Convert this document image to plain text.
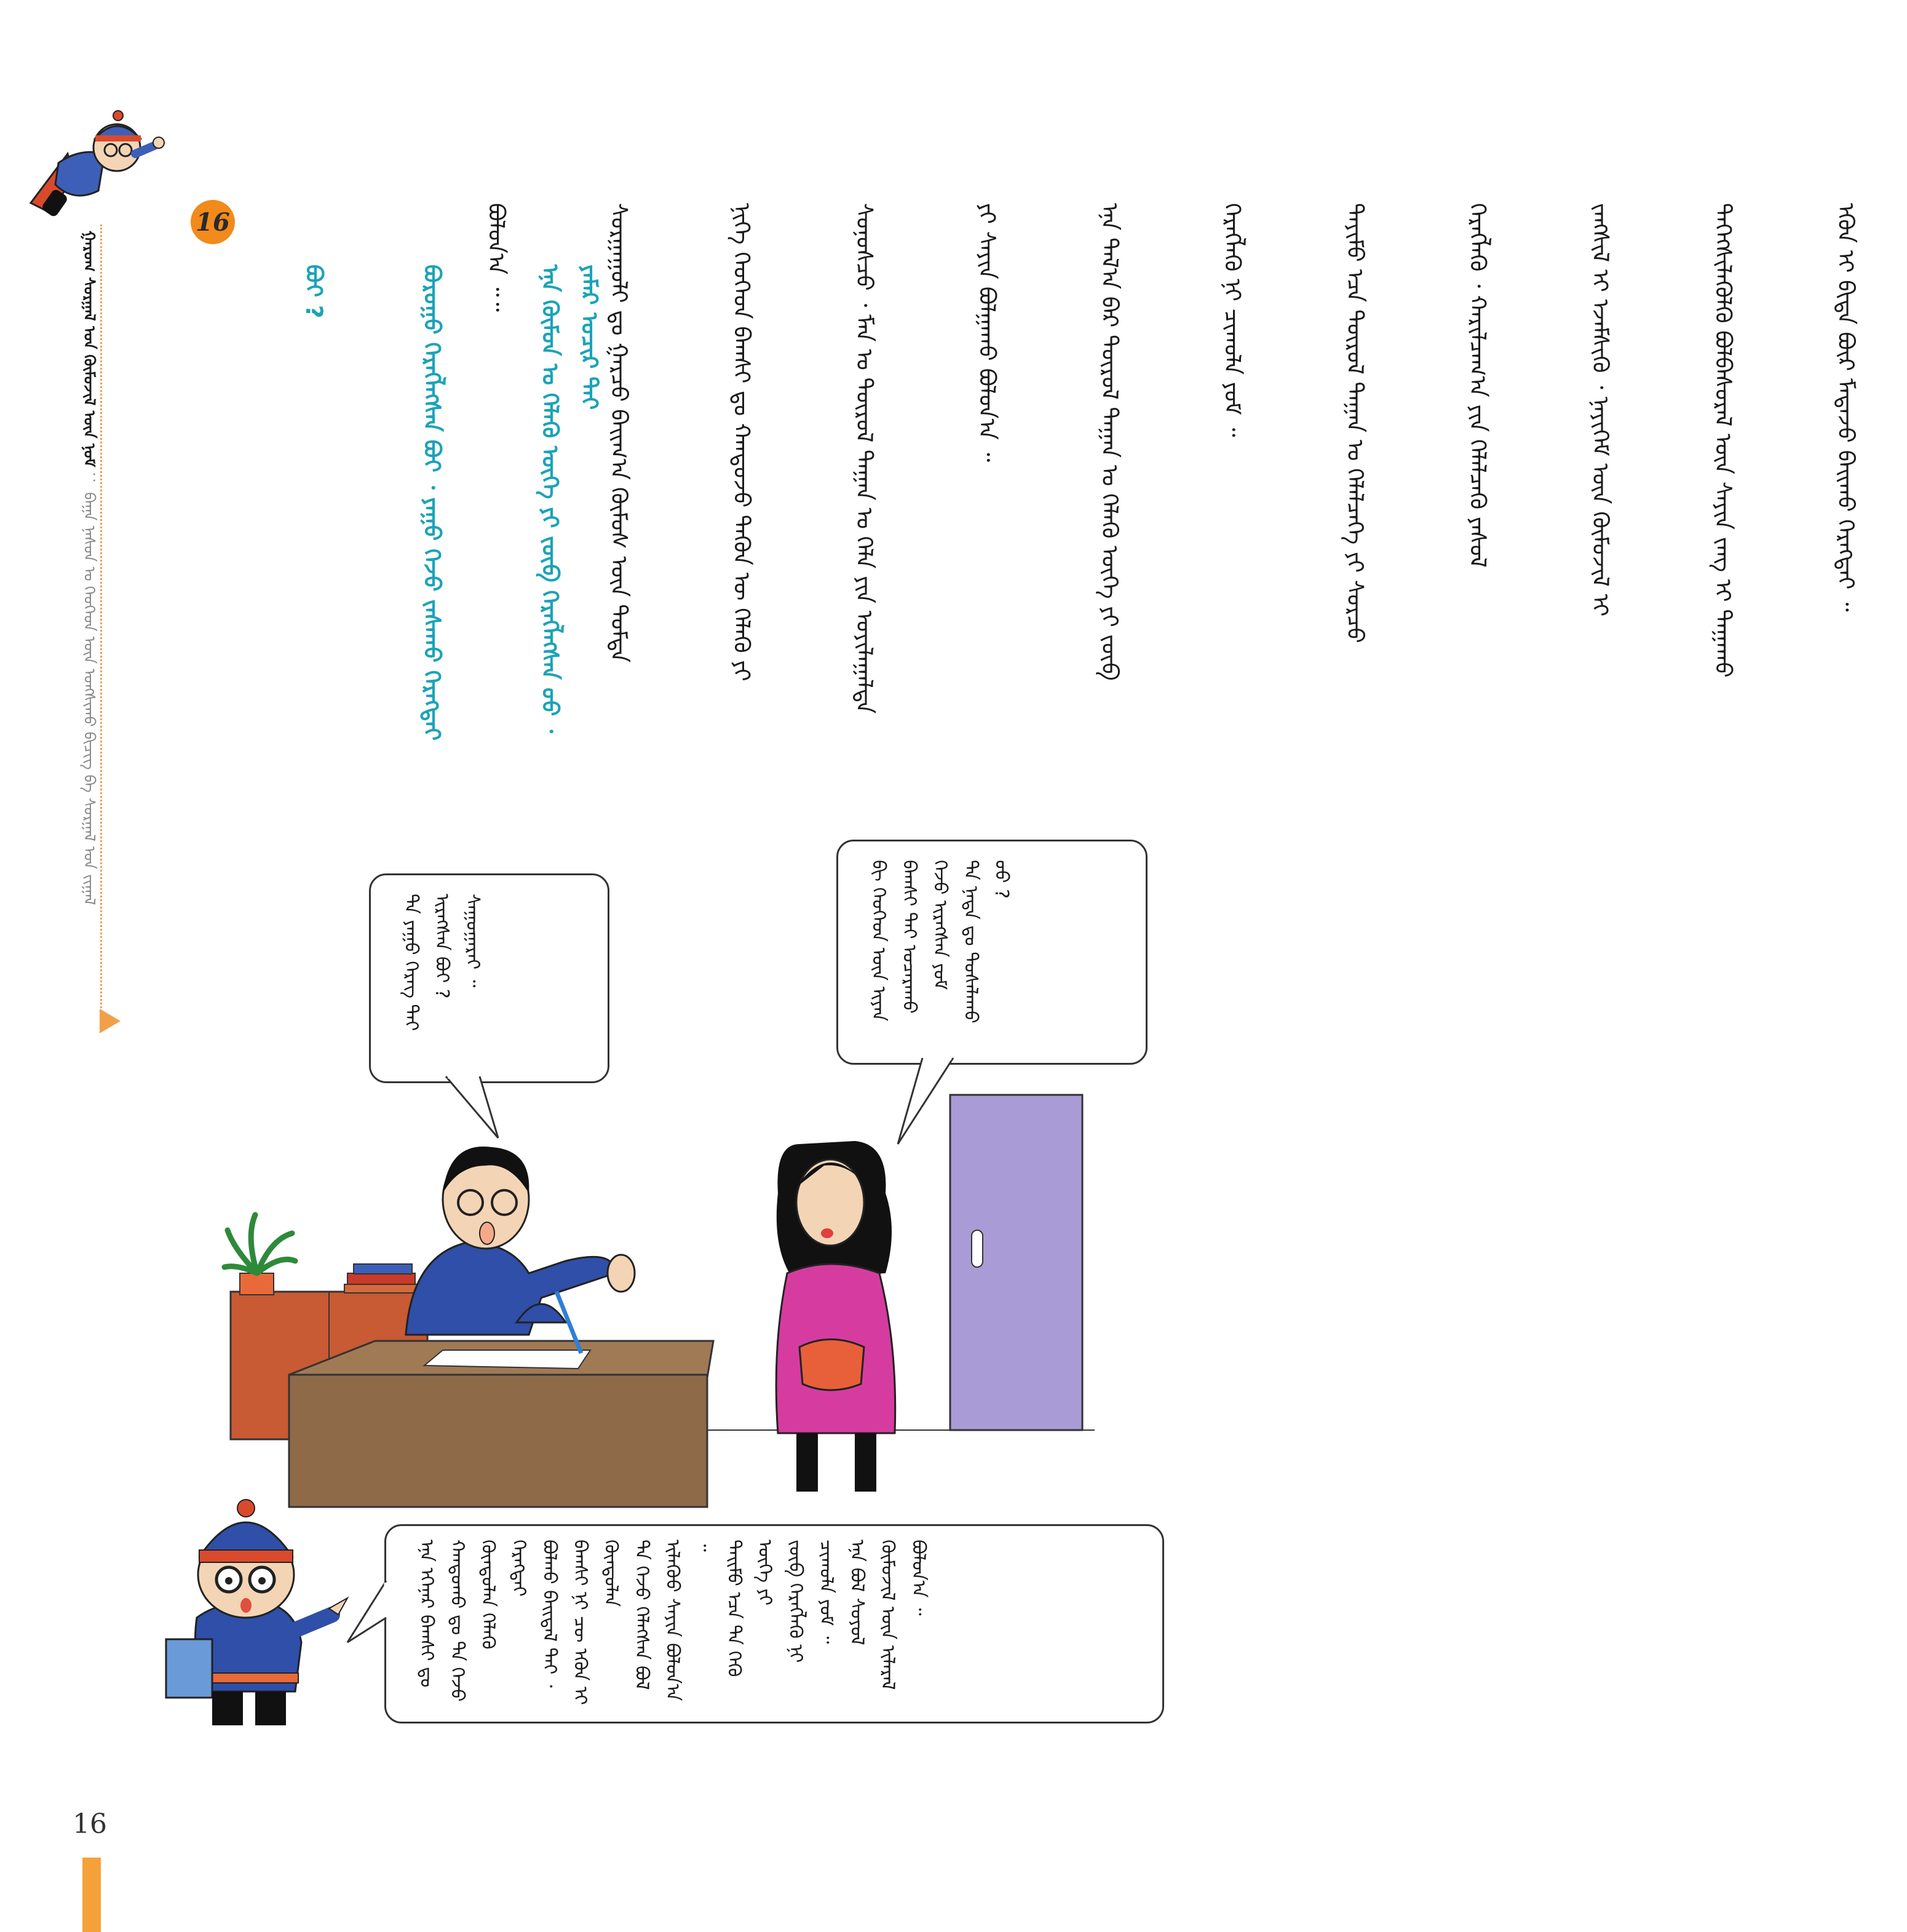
ᠭᠠᠷᠤᠭ ᠰᠤᠷᠭᠠᠯ ᠤᠨ ᠬᠥᠮᠦᠵᠢᠯ ᠦᠨ ᠨᠣᠮ ： ᠪᠠᠭᠠ ᠨᠠᠰᠤᠨ ᠤ ᠬᠡᠦᠬᠡᠳ ᠦᠨ ᠤᠩᠰᠢᠬᠤ ᠪᠢᠴᠢᠭ ᠪᠠ ᠰᠤᠷᠭᠠᠯ ᠤᠨ ᠵᠢᠭᠠᠯ

ᠪᠣᠯᠤᠨ᠎ᠠ ᠃᠃

	ᠰᠤᠷᠭᠠᠭᠤᠯᠢ ᠳᠤ ᠭᠠᠷᠴᠤ ᠪᠠᠢᠭ᠎ᠠ ᠬᠥᠮᠦᠰ ᠦᠨ ᠳᠤᠮᠳᠠ

	ᠨᠢᠭᠡ ᠬᠡᠦᠬᠡᠳ ᠪᠠᠭᠰᠢ ᠳᠤ ᠬᠠᠨᠳᠤᠵᠤ ᠲᠡᠭᠦᠨ ᠦ ᠬᠡᠯᠡᠬᠦ ᠶᠢ

	ᠰᠣᠨᠣᠰᠴᠤ ᠂ ᠮᠠᠨ ᠤ ᠲᠥᠷᠥᠯ ᠲᠠᠭᠠᠨ ᠤ ᠬᠡᠯᠡ ᠶᠢᠨ ᠣᠶᠢᠯᠠᠭᠠᠯᠲᠠ

	ᠶᠢ ᠰᠠᠶᠢᠨ ᠪᠤᠯᠭᠠᠬᠤ ᠪᠣᠯᠤᠨ᠎ᠠ ᠃

	ᠡᠨᠡ ᠲᠠᠯ᠎ᠠ ᠪᠠᠷ ᠲᠥᠷᠥᠯ ᠲᠠᠭᠠᠨ ᠤ ᠬᠡᠯᠡᠬᠦ ᠦᠭᠡ ᠶᠢ ᠵᠥᠪ

	ᠬᠡᠷᠡᠭᠯᠡᠬᠦ ᠨᠢ ᠴᠢᠬᠤᠯᠠ ᠶᠤᠮ ᠃

	ᠲᠡᠶᠢᠮᠦ ᠡᠴᠡ ᠲᠥᠷᠥᠯ ᠲᠠᠭᠠᠨ ᠤ ᠬᠡᠯᠡᠯᠴᠡᠭᠡ ᠶᠢ ᠰᠤᠷᠴᠤ

	ᠬᠡᠷᠡᠭᠯᠡᠬᠦ ᠂ ᠬᠠᠷᠢᠯᠴᠠᠭ᠎ᠠ ᠶᠢᠨ ᠬᠡᠯᠡᠯᠴᠡᠬᠦ ᠶᠠᠰᠤᠯ

	ᠵᠠᠩᠰᠢᠯ ᠢ ᠡᠵᠡᠮᠰᠢᠬᠦ ᠂ ᠨᠡᠶᠢᠭᠡᠮ ᠦᠨ ᠬᠦᠮᠦᠵᠢᠯ ᠢ

	ᠳᠡᠭᠡᠭᠰᠢᠯᠡᠭᠦᠯᠬᠦ ᠪᠣᠯᠪᠠᠰᠤᠷᠠᠯ ᠦᠨ ᠰᠠᠶᠢᠨ ᠵᠠᠩ ᠢ ᠳᠠᠭᠠᠬᠤ

	ᠡᠭᠦᠨ ᠢ ᠪᠢᠳᠡ ᠪᠦᠷ ᠮᠡᠳᠡᠵᠦ ᠪᠠᠢᠬᠤ ᠬᠡᠷᠡᠭᠲᠡᠢ ᠃

16

ᠪᠤᠢ ?

	ᠪᠤᠷᠤᠭᠤ ᠬᠡᠷᠡᠭᠯᠡᠭᠰᠡᠨ ᠪᠤᠢ ᠂ ᠶᠠᠭᠤ ᠭᠡᠵᠦ ᠵᠠᠰᠠᠬᠤ ᠬᠡᠷᠡᠭᠲᠡᠢ

	ᠡᠨᠡ ᠬᠦᠮᠦᠨ ᠤ ᠬᠡᠯᠡᠬᠦ ᠦᠭᠡ ᠶᠢ ᠵᠥᠪ ᠬᠡᠷᠡᠭᠯᠡᠭᠰᠡᠨ ᠤᠤ ᠂ ᠶᠠᠮᠠᠷ ᠤᠴᠢᠷ ᠲᠠᠢ

ᠲᠠ ᠶᠠᠭᠤ ᠬᠡᠷᠡᠭ ᠲᠡᠢ
ᠢᠷᠡᠭᠰᠡᠨ ᠪᠤᠢ ?
ᠰᠠᠭᠤᠭᠠᠷᠠᠢ ᠃
ᠪᠢ ᠬᠡᠦᠬᠡᠳ ᠦᠨ ᠢᠶᠡᠨ
ᠪᠠᠭᠰᠢ ᠲᠠᠢ ᠤᠴᠠᠷᠠᠬᠤ
ᠭᠡᠵᠦ ᠢᠷᠡᠭᠰᠡᠨ ᠶᠤᠮ
ᠲᠠ ᠨᠠᠳᠠ ᠳᠤ ᠲᠤᠰᠠᠯᠠᠬᠤ
ᠦᠦ ?
ᠡᠨᠡ ᠡᠬᠡᠨᠡᠷ ᠪᠠᠭᠰᠢ ᠳᠤ
ᠬᠠᠨᠳᠤᠬᠤ ᠳᠤ ᠲᠠ ᠭᠡᠵᠦ
ᠬᠦᠨᠳᠦᠯᠡᠨ ᠬᠡᠯᠡᠬᠦ ᠬᠡᠷᠡᠭᠲᠡᠢ
ᠪᠤᠯᠬᠤ ᠪᠠᠢᠳᠠᠯ ᠲᠠᠢ ᠂
ᠪᠠᠭᠰᠢ ᠨᠢ ᠴᠦ ᠡᠭᠦᠨ ᠢ ᠬᠦᠨᠳᠦᠯᠡᠨ
ᠲᠠ ᠭᠡᠵᠦ ᠬᠡᠯᠡᠭᠰᠡᠨ ᠪᠣᠯ
ᠢᠯᠡᠭᠦᠦ ᠰᠠᠶᠢᠨ ᠪᠣᠯᠤᠨ᠎ᠠ ᠃
ᠲᠡᠢᠮᠦ ᠡᠴᠡ ᠲᠠ ᠭᠡᠬᠦ ᠦᠭᠡ ᠶᠢ
ᠵᠥᠪ ᠬᠡᠷᠡᠭᠯᠡᠬᠦ ᠨᠢ ᠴᠢᠬᠤᠯᠠ ᠶᠤᠮ ᠃
ᠡᠨᠡ ᠪᠣᠯ ᠰᠣᠶᠣᠯ
ᠬᠦᠮᠦᠵᠢᠯ ᠦᠨ ᠢᠯᠡᠷᠡᠯ
ᠪᠣᠯᠤᠨ᠎ᠠ ᠃
16
